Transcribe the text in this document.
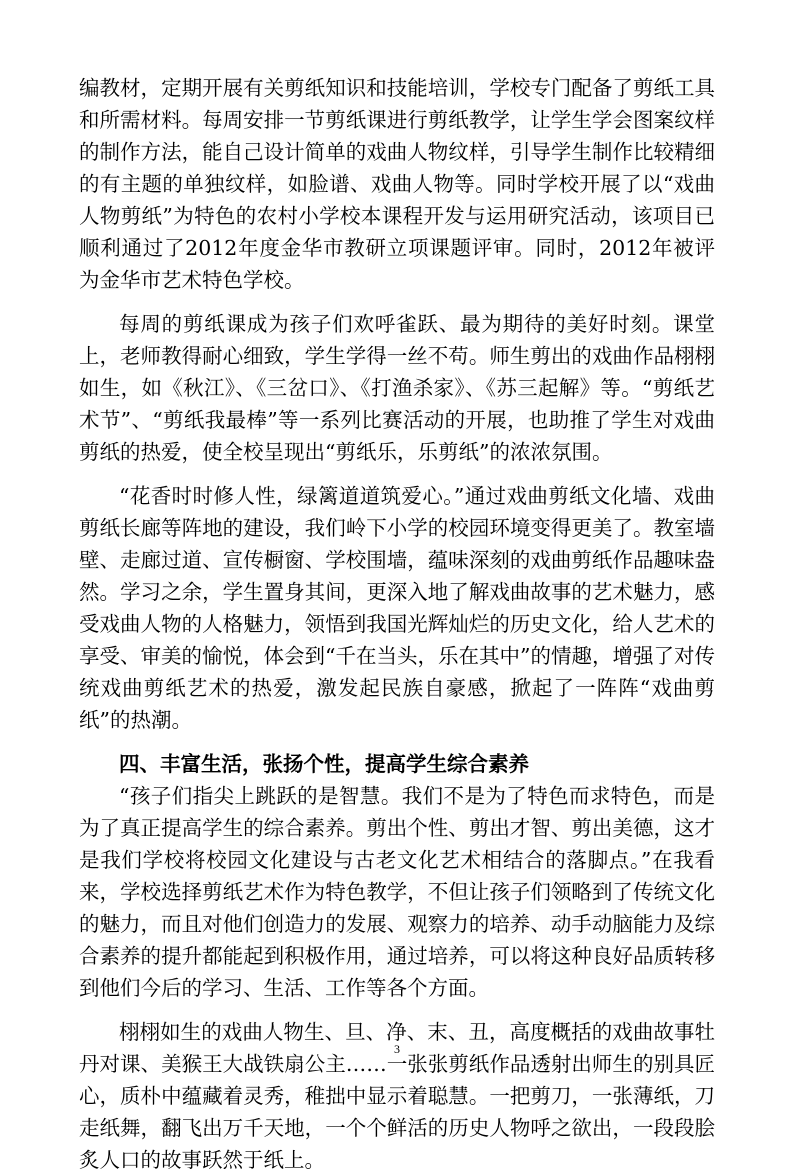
编教材，定期开展有关剪纸知识和技能培训，学校专门配备了剪纸工具和所需材料。每周安排一节剪纸课进行剪纸教学，让学生学会图案纹样的制作方法，能自己设计简单的戏曲人物纹样，引导学生制作比较精细的有主题的单独纹样，如脸谱、戏曲人物等。同时学校开展了以“戏曲人物剪纸”为特色的农村小学校本课程开发与运用研究活动，该项目已顺利通过了2012年度金华市教研立项课题评审。同时，2012年被评为金华市艺术特色学校。

每周的剪纸课成为孩子们欢呼雀跃、最为期待的美好时刻。课堂上，老师教得耐心细致，学生学得一丝不苟。师生剪出的戏曲作品栩栩如生，如《秋江》、《三岔口》、《打渔杀家》、《苏三起解》等。“剪纸艺术节”、“剪纸我最棒”等一系列比赛活动的开展，也助推了学生对戏曲剪纸的热爱，使全校呈现出“剪纸乐，乐剪纸”的浓浓氛围。

“花香时时修人性，绿篱道道筑爱心。”通过戏曲剪纸文化墙、戏曲剪纸长廊等阵地的建设，我们岭下小学的校园环境变得更美了。教室墙壁、走廊过道、宣传橱窗、学校围墙，蕴味深刻的戏曲剪纸作品趣味盎然。学习之余，学生置身其间，更深入地了解戏曲故事的艺术魅力，感受戏曲人物的人格魅力，领悟到我国光辉灿烂的历史文化，给人艺术的享受、审美的愉悦，体会到“千在当头，乐在其中”的情趣，增强了对传统戏曲剪纸艺术的热爱，激发起民族自豪感，掀起了一阵阵“戏曲剪纸”的热潮。

四、丰富生活，张扬个性，提高学生综合素养

“孩子们指尖上跳跃的是智慧。我们不是为了特色而求特色，而是为了真正提高学生的综合素养。剪出个性、剪出才智、剪出美德，这才是我们学校将校园文化建设与古老文化艺术相结合的落脚点。”在我看来，学校选择剪纸艺术作为特色教学，不但让孩子们领略到了传统文化的魅力，而且对他们创造力的发展、观察力的培养、动手动脑能力及综合素养的提升都能起到积极作用，通过培养，可以将这种良好品质转移到他们今后的学习、生活、工作等各个方面。

栩栩如生的戏曲人物生、旦、净、末、丑，高度概括的戏曲故事牡丹对课、美猴王大战铁扇公主……一张张剪纸作品透射出师生的别具匠心，质朴中蕴藏着灵秀，稚拙中显示着聪慧。一把剪刀，一张薄纸，刀走纸舞，翻飞出万千天地，一个个鲜活的历史人物呼之欲出，一段段脍炙人口的故事跃然于纸上。

3
